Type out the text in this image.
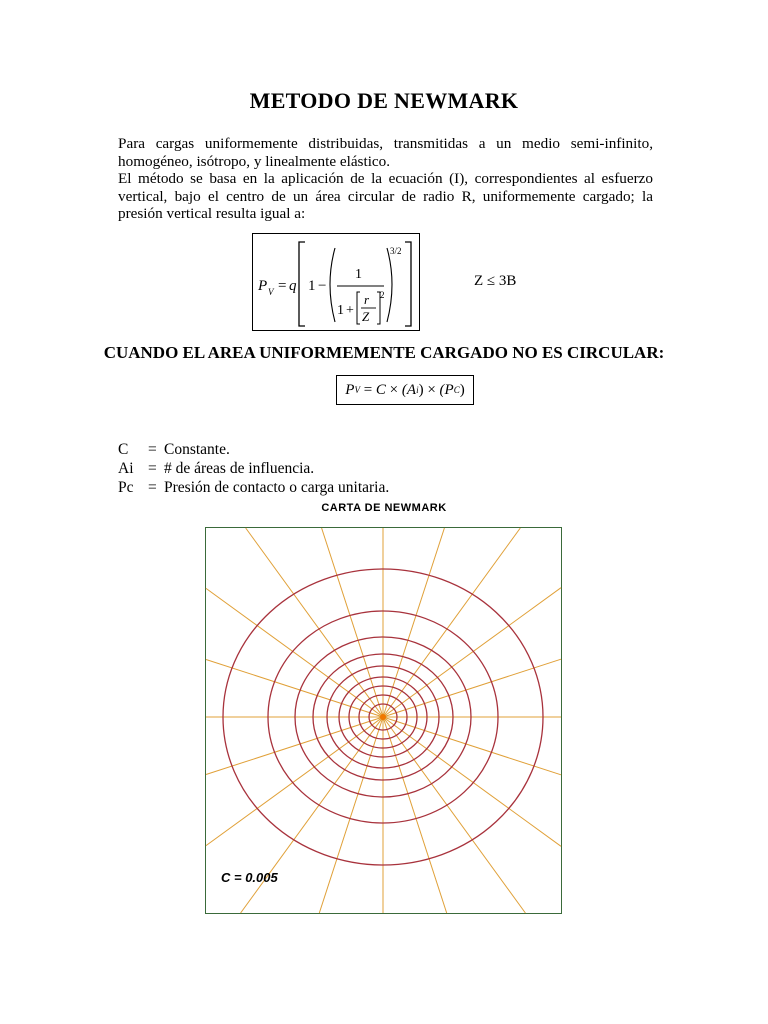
METODO DE NEWMARK

Para cargas uniformemente distribuidas, transmitidas a un medio semi-infinito, homogéneo, isótropo, y linealmente elástico.

El método se basa en la aplicación de la ecuación (I), correspondientes al esfuerzo vertical, bajo el centro de un área circular de radio R, uniformemente cargado; la presión vertical resulta igual a:

P V = q 1 −
1
1 +
r
Z
2
3/2
Z ≤ 3B
CUANDO EL AREA UNIFORMEMENTE CARGADO NO ES CIRCULAR:
P V = C × (A i ) × (P C )
C	= Constante.
Ai = # de áreas de influencia.
Pc = Presión de contacto o carga unitaria.
CARTA DE NEWMARK
C = 0.005
